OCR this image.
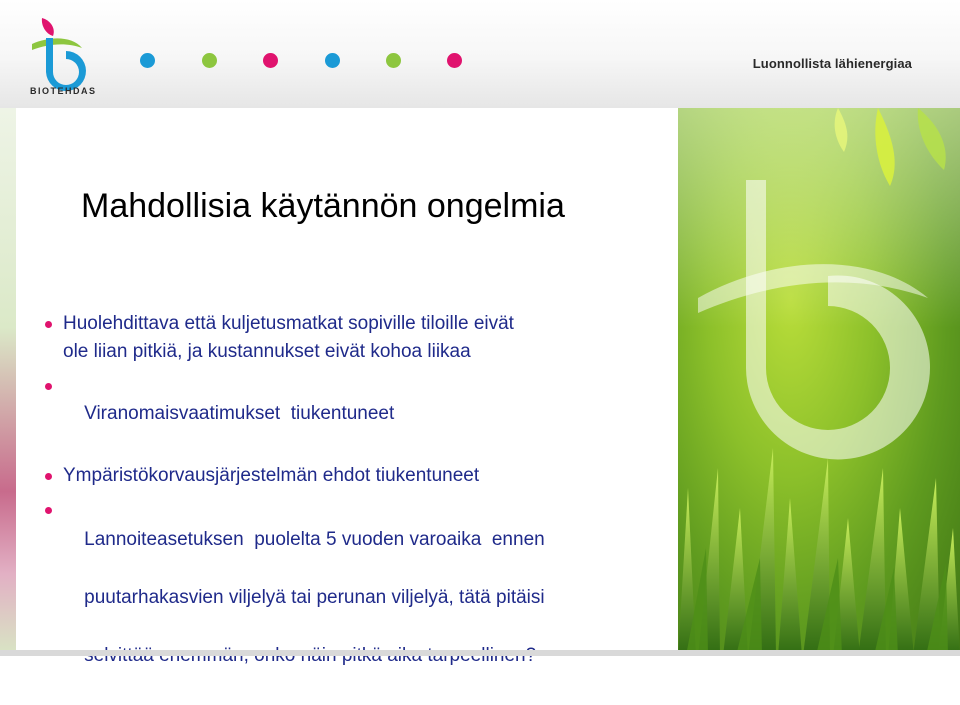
BIOTEHDAS
Luonnollista lähienergiaa
Mahdollisia käytännön ongelmia
Huolehdittava että kuljetusmatkat sopiville tiloille eivät
ole liian pitkiä, ja kustannukset eivät kohoa liikaa

Viranomaisvaatimukset  tiukentuneet

Ympäristökorvausjärjestelmän ehdot tiukentuneet

Lannoiteasetuksen  puolelta 5 vuoden varoaika  ennen

puutarhakasvien viljelyä tai perunan viljelyä, tätä pitäisi
